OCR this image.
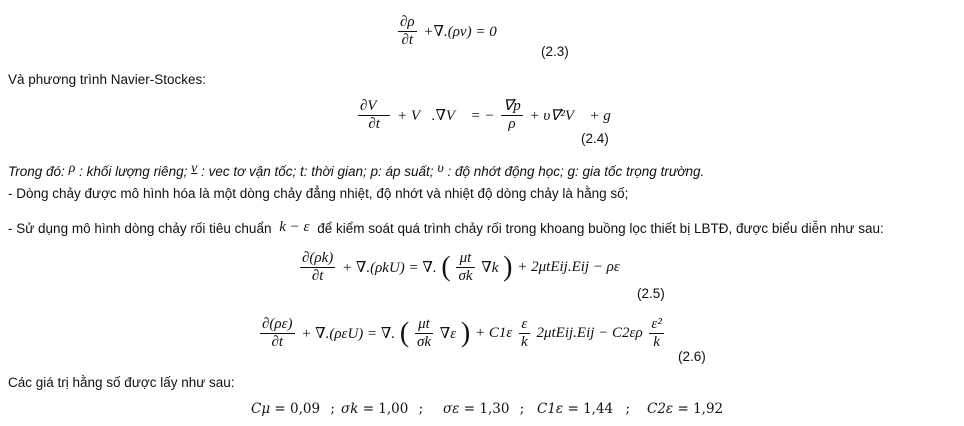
$\frac{\partial\rho}{\partial t} +\nabla.(\rho v) = 0$
(2.3)
Và phương trình Navier-Stockes:
$\frac{\partial V⃗}{\partial t}$ + V⃗.∇V⃗ = − $\frac{\nabla⃗p}{\rho}$ + υ∇⃗²V⃗ + g⃗
(2.4)
Trong đó: ρ : khối lượng riêng; v : vec tơ vận tốc; t: thời gian; p: áp suất; υ : độ nhớt động học; g: gia tốc trọng trường.
- Dòng chảy được mô hình hóa là một dòng chảy đẳng nhiệt, độ nhớt và nhiệt độ dòng chảy là hằng số;
- Sử dụng mô hình dòng chảy rối tiêu chuẩn k − ε để kiểm soát quá trình chảy rối trong khoang buồng lọc thiết bị LBTĐ, được biểu diễn như sau:
$\frac{\partial(\rho k)}{\partial t} + \nabla.(\rho kU)$ = ∇. ( $\frac{\mu t}{\sigma k} \nabla k$ ) + 2μtEij.Eij − ρε
(2.5)
$\frac{\partial(\rho\varepsilon)}{\partial t} + \nabla.(\rho\varepsilon U)$ = ∇. ( $\frac{\mu t}{\sigma k} \nabla\varepsilon$ ) + $C1\varepsilon \frac{\varepsilon}{k}$ 2μtEij.Eij − $C2\varepsilon\rho \frac{\text{ε²}}{k}$
(2.6)
Các giá trị hằng số được lấy như sau:
Cμ = 0,09 ; σk = 1,00 ; σε = 1,30 ; C1ε = 1,44 ; C2ε = 1,92
